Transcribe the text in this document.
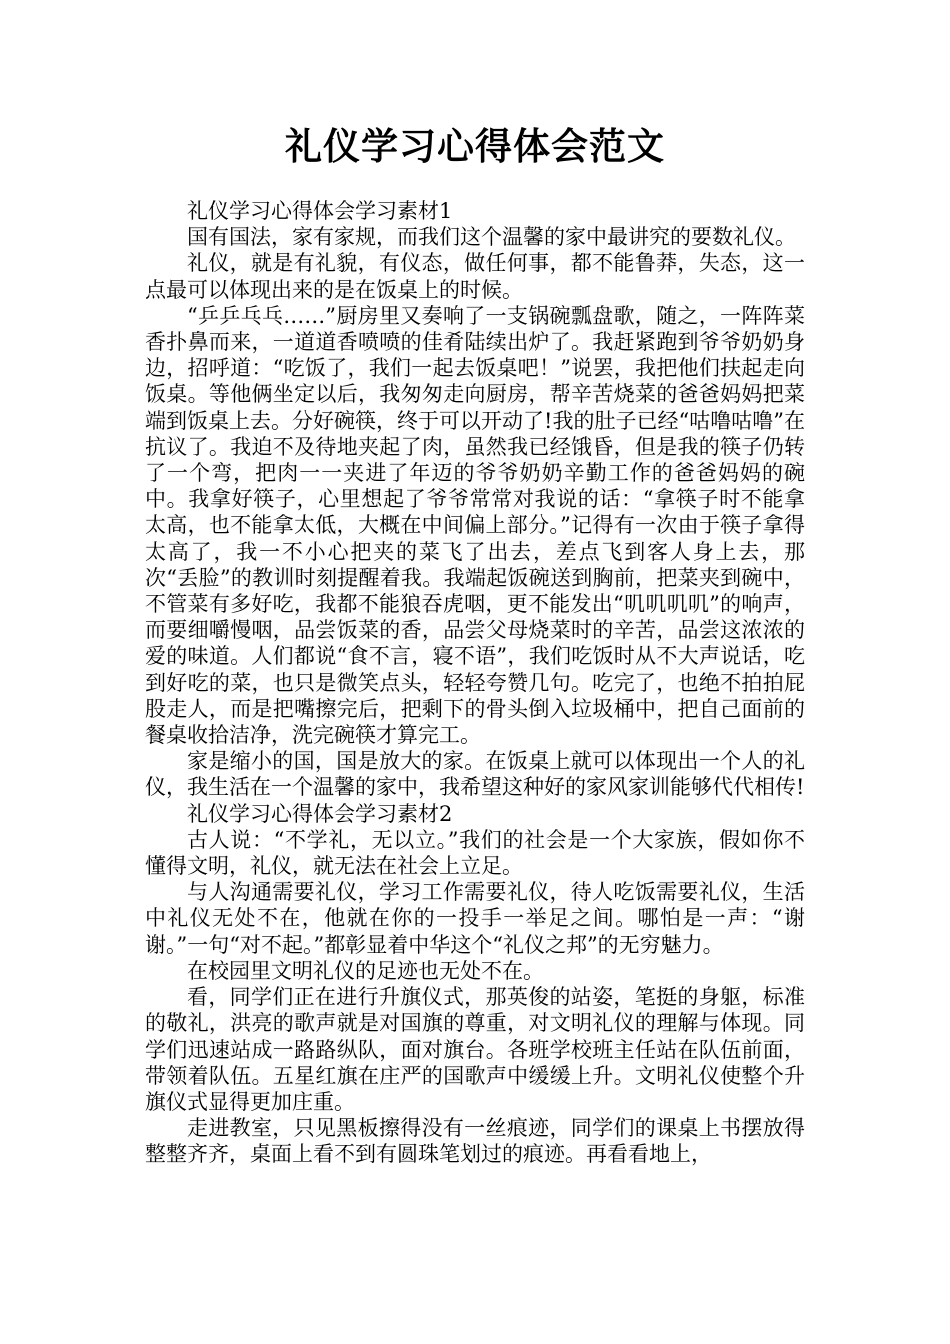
礼仪学习心得体会范文

礼仪学习心得体会学习素材1

国有国法，家有家规，而我们这个温馨的家中最讲究的要数礼仪。

礼仪，就是有礼貌，有仪态，做任何事，都不能鲁莽，失态，这一点最可以体现出来的是在饭桌上的时候。

“乒乒乓乓……”厨房里又奏响了一支锅碗瓢盘歌，随之，一阵阵菜香扑鼻而来，一道道香喷喷的佳肴陆续出炉了。我赶紧跑到爷爷奶奶身边，招呼道：“吃饭了，我们一起去饭桌吧！”说罢，我把他们扶起走向饭桌。等他俩坐定以后，我匆匆走向厨房，帮辛苦烧菜的爸爸妈妈把菜端到饭桌上去。分好碗筷，终于可以开动了!我的肚子已经“咕噜咕噜”在抗议了。我迫不及待地夹起了肉，虽然我已经饿昏，但是我的筷子仍转了一个弯，把肉一一夹进了年迈的爷爷奶奶辛勤工作的爸爸妈妈的碗中。我拿好筷子，心里想起了爷爷常常对我说的话：“拿筷子时不能拿太高，也不能拿太低，大概在中间偏上部分。”记得有一次由于筷子拿得太高了，我一不小心把夹的菜飞了出去，差点飞到客人身上去，那次“丢脸”的教训时刻提醒着我。我端起饭碗送到胸前，把菜夹到碗中，不管菜有多好吃，我都不能狼吞虎咽，更不能发出“叽叽叽叽”的响声，而要细嚼慢咽，品尝饭菜的香，品尝父母烧菜时的辛苦，品尝这浓浓的爱的味道。人们都说“食不言，寝不语”，我们吃饭时从不大声说话，吃到好吃的菜，也只是微笑点头，轻轻夸赞几句。吃完了，也绝不拍拍屁股走人，而是把嘴擦完后，把剩下的骨头倒入垃圾桶中，把自己面前的餐桌收拾洁净，洗完碗筷才算完工。

家是缩小的国，国是放大的家。在饭桌上就可以体现出一个人的礼仪，我生活在一个温馨的家中，我希望这种好的家风家训能够代代相传!

礼仪学习心得体会学习素材2

古人说：“不学礼，无以立。”我们的社会是一个大家族，假如你不懂得文明，礼仪，就无法在社会上立足。

与人沟通需要礼仪，学习工作需要礼仪，待人吃饭需要礼仪，生活中礼仪无处不在，他就在你的一投手一举足之间。哪怕是一声：“谢谢。”一句“对不起。”都彰显着中华这个“礼仪之邦”的无穷魅力。

在校园里文明礼仪的足迹也无处不在。

看，同学们正在进行升旗仪式，那英俊的站姿，笔挺的身躯，标准的敬礼，洪亮的歌声就是对国旗的尊重，对文明礼仪的理解与体现。同学们迅速站成一路路纵队，面对旗台。各班学校班主任站在队伍前面，带领着队伍。五星红旗在庄严的国歌声中缓缓上升。文明礼仪使整个升旗仪式显得更加庄重。

走进教室，只见黑板擦得没有一丝痕迹，同学们的课桌上书摆放得整整齐齐，桌面上看不到有圆珠笔划过的痕迹。再看看地上，
